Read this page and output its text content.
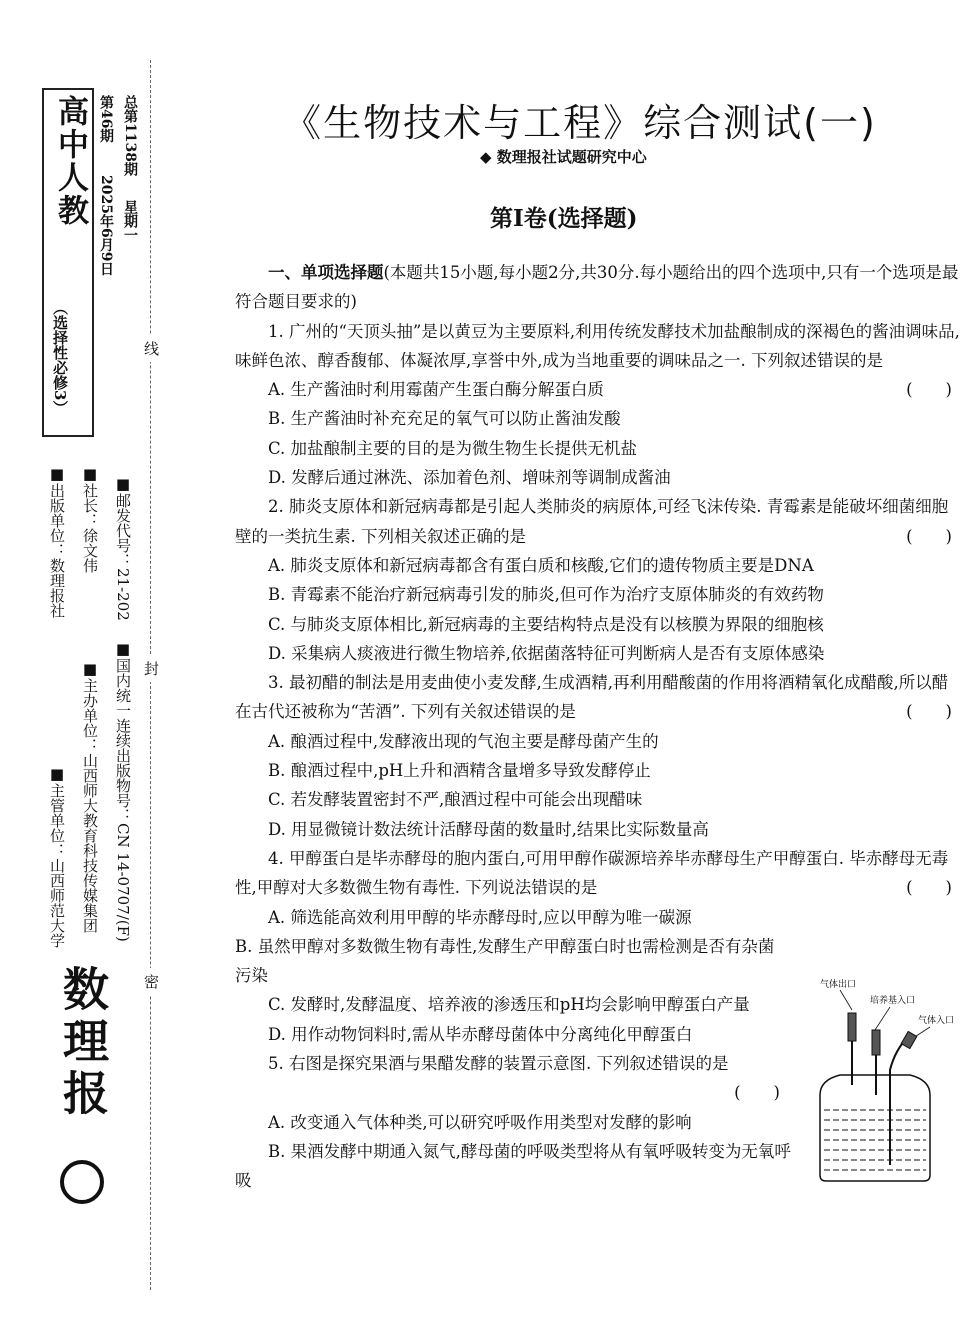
高中人教
（选择性必修3）
第46期
2025年6月9日
总第1138期
星期一
■出版单位：数理报社 ■社长：徐文伟 ■邮发代号：21-202
■主管单位：山西师范大学 ■主办单位：山西师大教育科技传媒集团 ■国内统一连续出版物号：CN 14-0707/(F)
数理报
线
封
密
《生物技术与工程》综合测试(一)
◆ 数理报社试题研究中心
第Ⅰ卷(选择题)

一、单项选择题(本题共15小题,每小题2分,共30分.每小题给出的四个选项中,只有一个选项是最符合题目要求的)

1. 广州的“天顶头抽”是以黄豆为主要原料,利用传统发酵技术加盐酿制成的深褐色的酱油调味品,味鲜色浓、醇香馥郁、体凝浓厚,享誉中外,成为当地重要的调味品之一. 下列叙述错误的是
(　　)

A. 生产酱油时利用霉菌产生蛋白酶分解蛋白质

B. 生产酱油时补充充足的氧气可以防止酱油发酸

C. 加盐酿制主要的目的是为微生物生长提供无机盐

D. 发酵后通过淋洗、添加着色剂、增味剂等调制成酱油

2. 肺炎支原体和新冠病毒都是引起人类肺炎的病原体,可经飞沫传染. 青霉素是能破坏细菌细胞壁的一类抗生素. 下列相关叙述正确的是	(　　)

A. 肺炎支原体和新冠病毒都含有蛋白质和核酸,它们的遗传物质主要是DNA

B. 青霉素不能治疗新冠病毒引发的肺炎,但可作为治疗支原体肺炎的有效药物

C. 与肺炎支原体相比,新冠病毒的主要结构特点是没有以核膜为界限的细胞核

D. 采集病人痰液进行微生物培养,依据菌落特征可判断病人是否有支原体感染

3. 最初醋的制法是用麦曲使小麦发酵,生成酒精,再利用醋酸菌的作用将酒精氧化成醋酸,所以醋在古代还被称为“苦酒”. 下列有关叙述错误的是	(　　)

A. 酿酒过程中,发酵液出现的气泡主要是酵母菌产生的

B. 酿酒过程中,pH上升和酒精含量增多导致发酵停止

C. 若发酵装置密封不严,酿酒过程中可能会出现醋味

D. 用显微镜计数法统计活酵母菌的数量时,结果比实际数量高

4. 甲醇蛋白是毕赤酵母的胞内蛋白,可用甲醇作碳源培养毕赤酵母生产甲醇蛋白. 毕赤酵母无毒性,甲醇对大多数微生物有毒性. 下列说法错误的是	(　　)

A. 筛选能高效利用甲醇的毕赤酵母时,应以甲醇为唯一碳源

B. 虽然甲醇对多数微生物有毒性,发酵生产甲醇蛋白时也需检测是否有杂菌污染

C. 发酵时,发酵温度、培养液的渗透压和pH均会影响甲醇蛋白产量

D. 用作动物饲料时,需从毕赤酵母菌体中分离纯化甲醇蛋白

5. 右图是探究果酒与果醋发酵的装置示意图. 下列叙述错误的是

(　　)

A. 改变通入气体种类,可以研究呼吸作用类型对发酵的影响

B. 果酒发酵中期通入氮气,酵母菌的呼吸类型将从有氧呼吸转变为无氧呼吸

气体出口
培养基入口
气体入口
